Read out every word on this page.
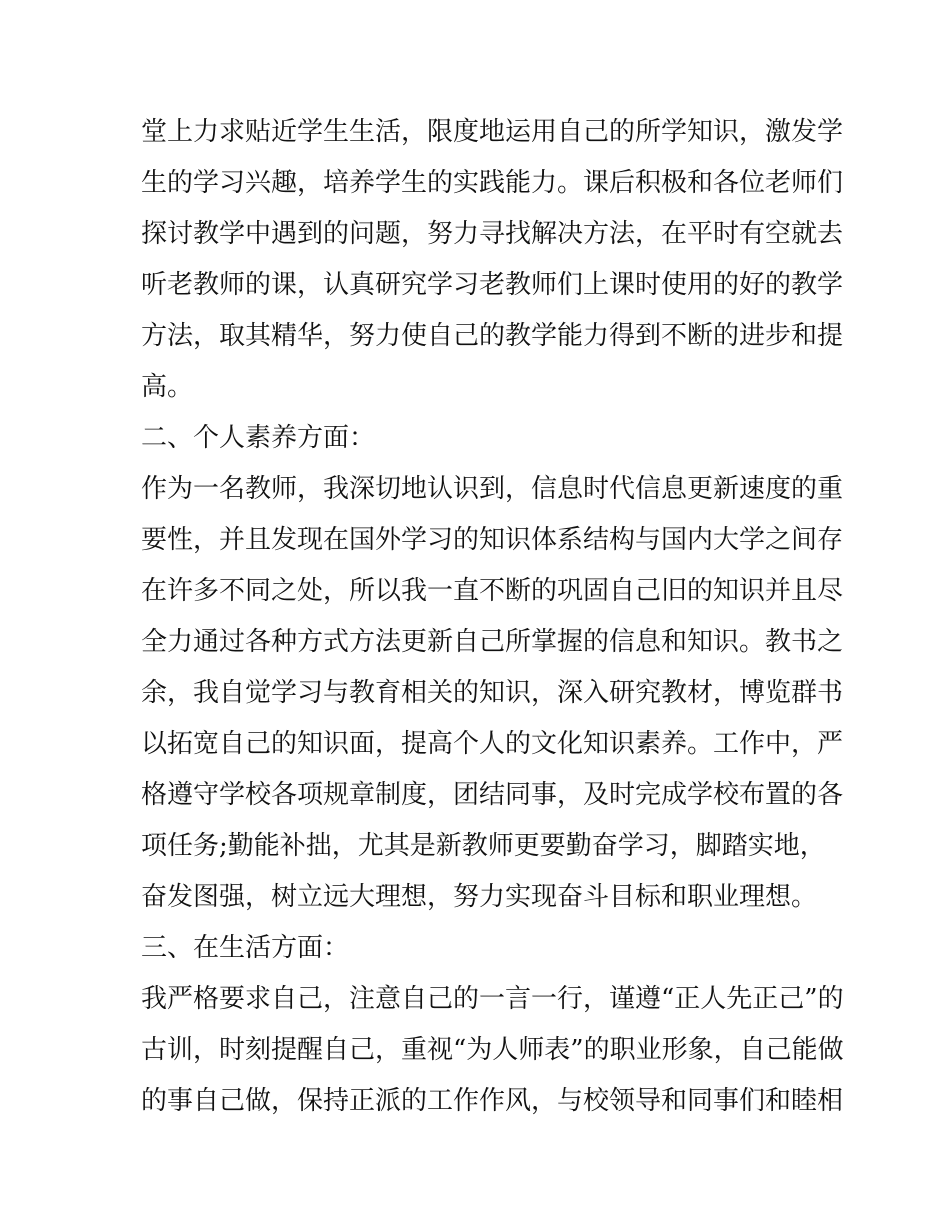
堂上力求贴近学生生活，限度地运用自己的所学知识，激发学
生的学习兴趣，培养学生的实践能力。课后积极和各位老师们
探讨教学中遇到的问题，努力寻找解决方法，在平时有空就去
听老教师的课，认真研究学习老教师们上课时使用的好的教学
方法，取其精华，努力使自己的教学能力得到不断的进步和提
高。
二、个人素养方面：
作为一名教师，我深切地认识到，信息时代信息更新速度的重
要性，并且发现在国外学习的知识体系结构与国内大学之间存
在许多不同之处，所以我一直不断的巩固自己旧的知识并且尽
全力通过各种方式方法更新自己所掌握的信息和知识。教书之
余，我自觉学习与教育相关的知识，深入研究教材，博览群书
以拓宽自己的知识面，提高个人的文化知识素养。工作中，严
格遵守学校各项规章制度，团结同事，及时完成学校布置的各
项任务;勤能补拙，尤其是新教师更要勤奋学习，脚踏实地，
奋发图强，树立远大理想，努力实现奋斗目标和职业理想。
三、在生活方面：
我严格要求自己，注意自己的一言一行，谨遵“正人先正己”的
古训，时刻提醒自己，重视“为人师表”的职业形象，自己能做
的事自己做，保持正派的工作作风，与校领导和同事们和睦相
